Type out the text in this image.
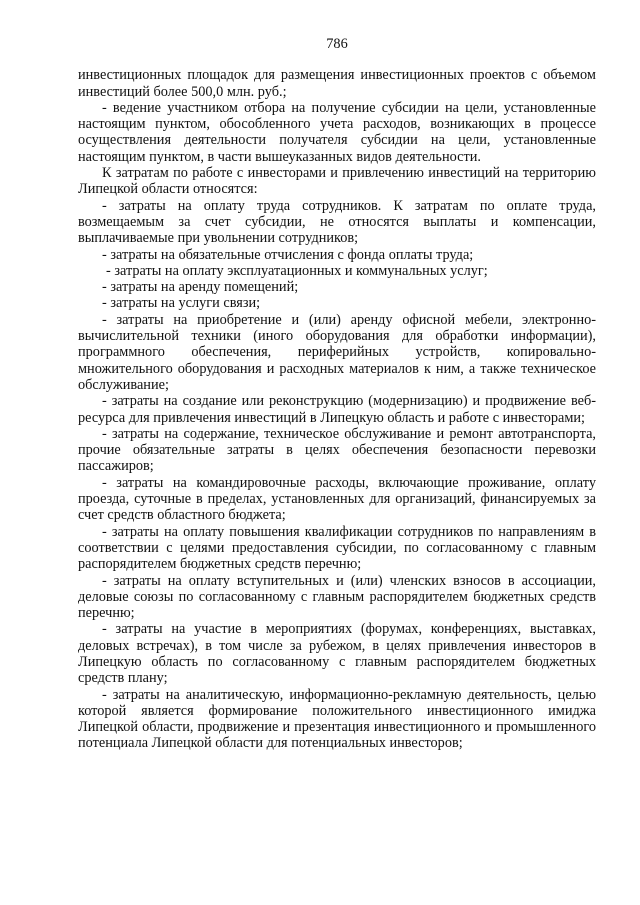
786

инвестиционных площадок для размещения инвестиционных проектов с объемом инвестиций более 500,0 млн. руб.;

- ведение участником отбора на получение субсидии на цели, установленные настоящим пунктом, обособленного учета расходов, возникающих в процессе осуществления деятельности получателя субсидии на цели, установленные настоящим пунктом, в части вышеуказанных видов деятельности.

К затратам по работе с инвесторами и привлечению инвестиций на территорию Липецкой области относятся:

- затраты на оплату труда сотрудников. К затратам по оплате труда, возмещаемым за счет субсидии, не относятся выплаты и компенсации, выплачиваемые при увольнении сотрудников;

- затраты на обязательные отчисления с фонда оплаты труда;

- затраты на оплату эксплуатационных и коммунальных услуг;

- затраты на аренду помещений;

- затраты на услуги связи;

- затраты на приобретение и (или) аренду офисной мебели, электронно-вычислительной техники (иного оборудования для обработки информации), программного обеспечения, периферийных устройств, копировально-множительного оборудования и расходных материалов к ним, а также техническое обслуживание;

- затраты на создание или реконструкцию (модернизацию) и продвижение веб-ресурса для привлечения инвестиций в Липецкую область и работе с инвесторами;

- затраты на содержание, техническое обслуживание и ремонт автотранспорта, прочие обязательные затраты в целях обеспечения безопасности перевозки пассажиров;

- затраты на командировочные расходы, включающие проживание, оплату проезда, суточные в пределах, установленных для организаций, финансируемых за счет средств областного бюджета;

- затраты на оплату повышения квалификации сотрудников по направлениям в соответствии с целями предоставления субсидии, по согласованному с главным распорядителем бюджетных средств перечню;

- затраты на оплату вступительных и (или) членских взносов в ассоциации, деловые союзы по согласованному с главным распорядителем бюджетных средств перечню;

- затраты на участие в мероприятиях (форумах, конференциях, выставках, деловых встречах), в том числе за рубежом, в целях привлечения инвесторов в Липецкую область по согласованному с главным распорядителем бюджетных средств плану;

- затраты на аналитическую, информационно-рекламную деятельность, целью которой является формирование положительного инвестиционного имиджа Липецкой области, продвижение и презентация инвестиционного и промышленного потенциала Липецкой области для потенциальных инвесторов;
